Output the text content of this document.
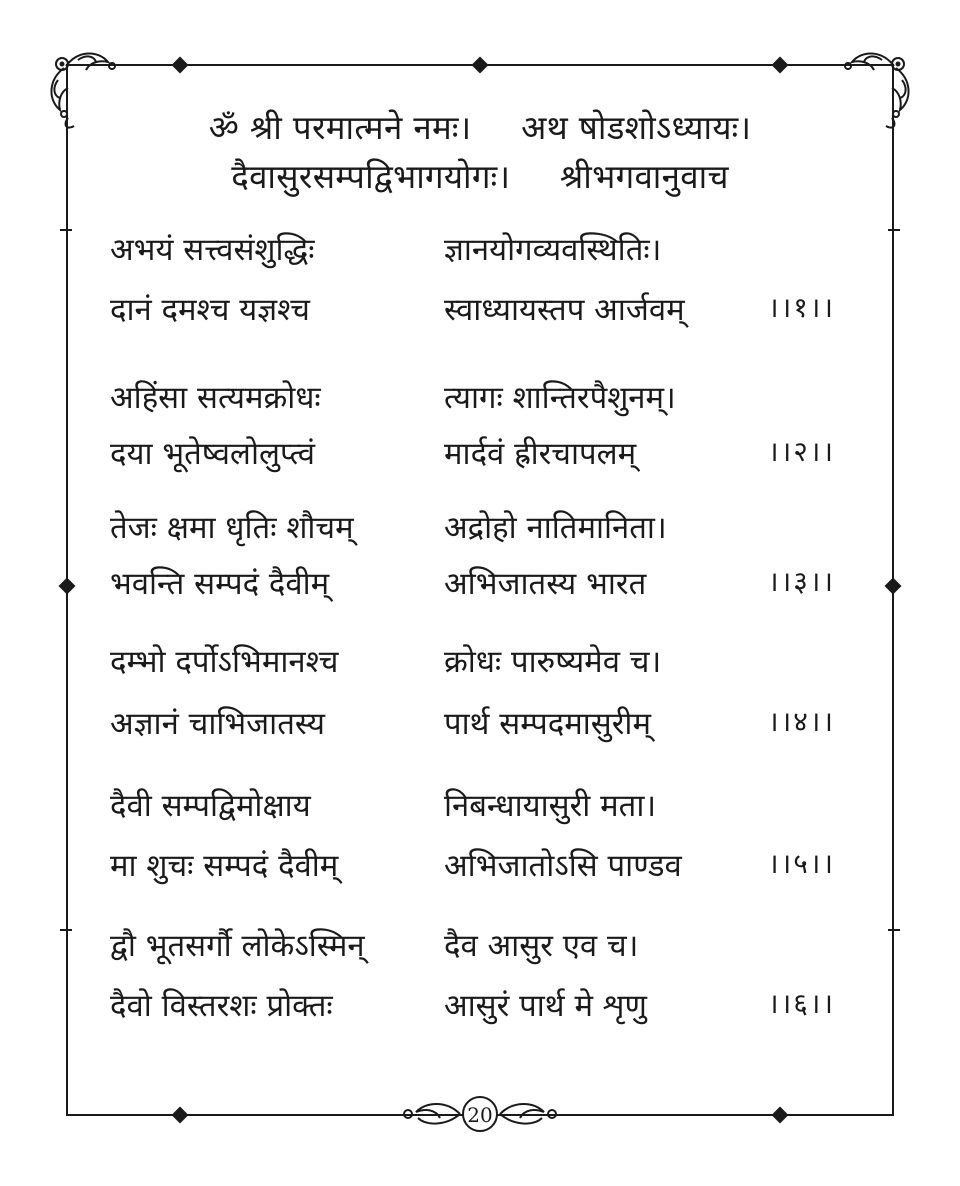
20
ॐ श्री परमात्मने नमः। अथ षोडशोऽध्यायः।
दैवासुरसम्पद्विभागयोगः। श्रीभगवानुवाच
अभयं सत्त्वसंशुद्धिः	ज्ञानयोगव्यवस्थितिः।
दानं दमश्च यज्ञश्च	स्वाध्यायस्तप आर्जवम्	।।१।।
अहिंसा सत्यमक्रोधः	त्यागः शान्तिरपैशुनम्।
दया भूतेष्वलोलुप्त्वं	मार्दवं ह्रीरचापलम्	।।२।।
तेजः क्षमा धृतिः शौचम्	अद्रोहो नातिमानिता।
भवन्ति सम्पदं दैवीम्	अभिजातस्य भारत	।।३।।
दम्भो दर्पोऽभिमानश्च	क्रोधः पारुष्यमेव च।
अज्ञानं चाभिजातस्य	पार्थ सम्पदमासुरीम्	।।४।।
दैवी सम्पद्विमोक्षाय	निबन्धायासुरी मता।
मा शुचः सम्पदं दैवीम्	अभिजातोऽसि पाण्डव	।।५।।
द्वौ भूतसर्गौ लोकेऽस्मिन्	दैव आसुर एव च।
दैवो विस्तरशः प्रोक्तः	आसुरं पार्थ मे शृणु	।।६।।
